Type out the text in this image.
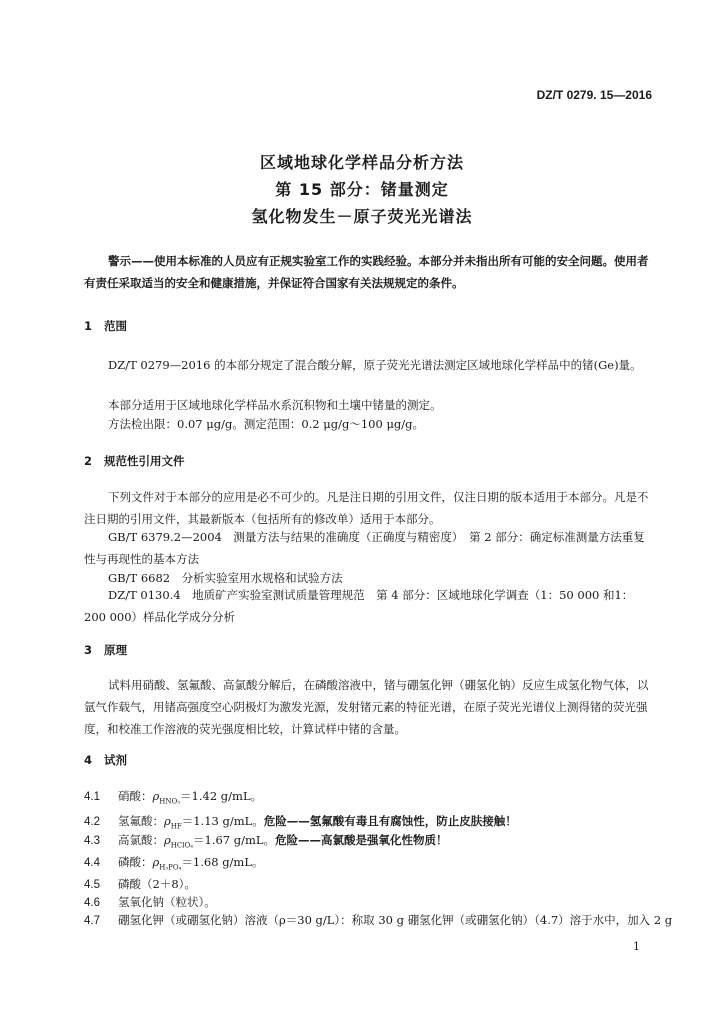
DZ/T 0279. 15—2016
区域地球化学样品分析方法
第 15 部分：锗量测定
氢化物发生－原子荧光光谱法
警示——使用本标准的人员应有正规实验室工作的实践经验。本部分并未指出所有可能的安全问题。使用者有责任采取适当的安全和健康措施，并保证符合国家有关法规规定的条件。
1 范围
DZ/T 0279—2016 的本部分规定了混合酸分解，原子荧光光谱法测定区域地球化学样品中的锗(Ge)量。
本部分适用于区域地球化学样品水系沉积物和土壤中锗量的测定。
方法检出限：0.07 μg/g。测定范围：0.2 μg/g～100 μg/g。
2 规范性引用文件
下列文件对于本部分的应用是必不可少的。凡是注日期的引用文件，仅注日期的版本适用于本部分。凡是不注日期的引用文件，其最新版本（包括所有的修改单）适用于本部分。
GB/T 6379.2—2004　测量方法与结果的准确度（正确度与精密度）　第 2 部分：确定标准测量方法重复性与再现性的基本方法
GB/T 6682　分析实验室用水规格和试验方法
DZ/T 0130.4　地质矿产实验室测试质量管理规范　第 4 部分：区域地球化学调查（1：50 000 和1：200 000）样品化学成分分析
3 原理
试料用硝酸、氢氟酸、高氯酸分解后，在磷酸溶液中，锗与硼氢化钾（硼氢化钠）反应生成氢化物气体，以氩气作载气，用锗高强度空心阴极灯为激发光源，发射锗元素的特征光谱，在原子荧光光谱仪上测得锗的荧光强度，和校准工作溶液的荧光强度相比较，计算试样中锗的含量。
4 试剂
4.1 硝酸：$\rho_{HNO_3}=1.42$ g/mL。
4.2 氢氟酸：$\rho_{HF}=1.13$ g/mL。危险——氢氟酸有毒且有腐蚀性，防止皮肤接触！
4.3 高氯酸：$\rho_{HClO_4}=1.67$ g/mL。危险——高氯酸是强氧化性物质！
4.4 磷酸：$\rho_{H_3PO_4}=1.68$ g/mL。
4.5 磷酸（2＋8）。
4.6 氢氧化钠（粒状）。
4.7 硼氢化钾（或硼氢化钠）溶液（ρ＝30 g/L）：称取 30 g 硼氢化钾（或硼氢化钠）（4.7）溶于水中，加入 2 g
1
